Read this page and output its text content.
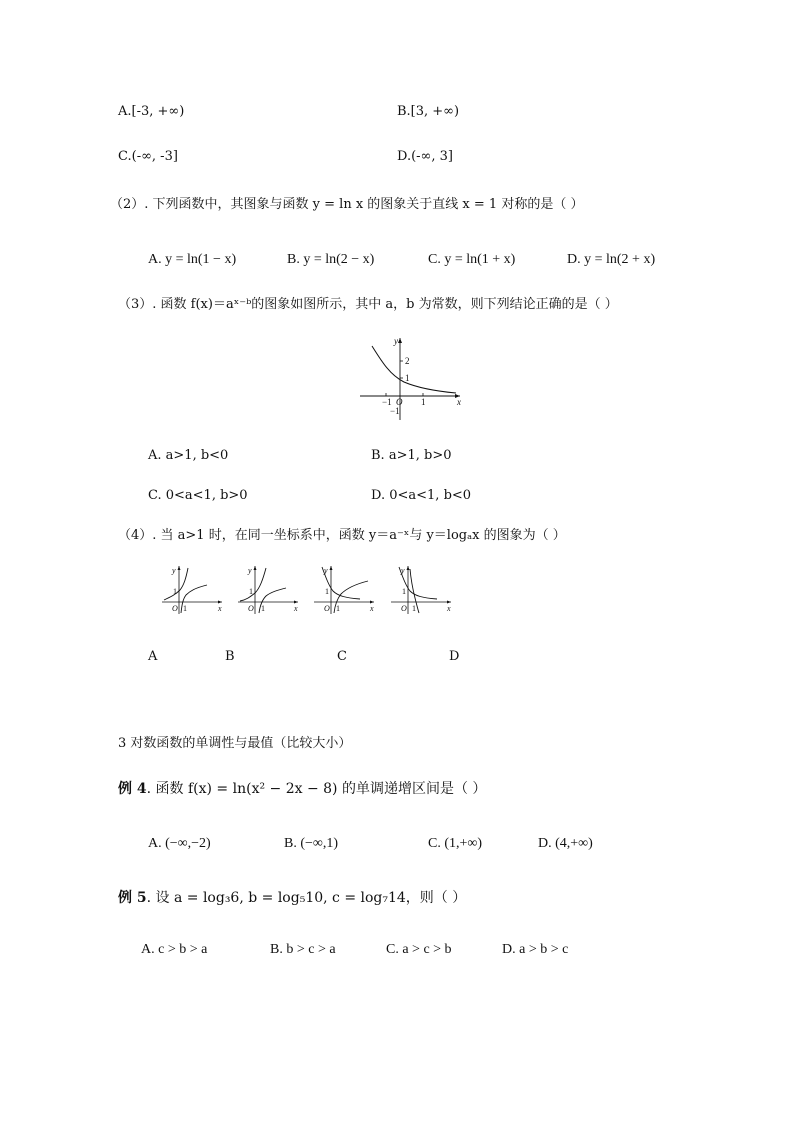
A.[-3, +∞)	B.[3, +∞)
C.(-∞, -3]	D.(-∞, 3]
（2）. 下列函数中，其图象与函数 y = ln x 的图象关于直线 x = 1 对称的是（ ）
A. y = ln(1 − x)	B. y = ln(2 − x)	C. y = ln(1 + x)	D. y = ln(2 + x)
（3）. 函数 f(x)＝aˣ⁻ᵇ的图象如图所示，其中 a，b 为常数，则下列结论正确的是（ ）
y
x
2
1
−1 O 1
−1
A. a>1, b<0	B. a>1, b>0
C. 0<a<1, b>0	D. 0<a<1, b<0
（4）. 当 a>1 时，在同一坐标系中，函数 y＝a⁻ˣ与 y＝logₐx 的图象为（ ）
y
x
1
O 1
y
x
1
O 1
y
x
1
O 1
y
x
1
O 1
A	B	C	D
3 对数函数的单调性与最值（比较大小）
例 4. 函数 f(x) = ln(x² − 2x − 8) 的单调递增区间是（ ）
A. (−∞,−2)	B. (−∞,1)	C. (1,+∞)	D. (4,+∞)
例 5. 设 a = log₃6, b = log₅10, c = log₇14，则（ ）
A. c > b > a	B. b > c > a	C. a > c > b	D. a > b > c
